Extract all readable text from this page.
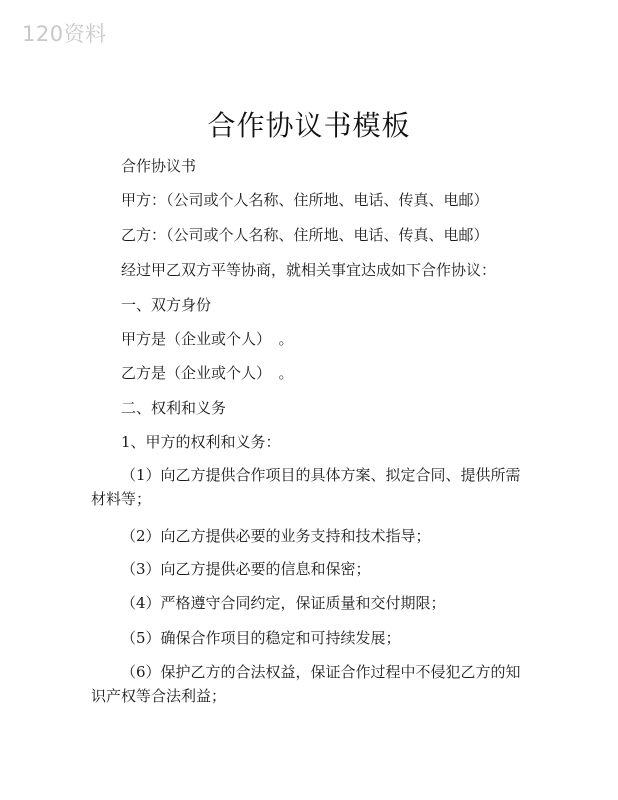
120资料
合作协议书模板
合作协议书
甲方：（公司或个人名称、住所地、电话、传真、电邮）
乙方：（公司或个人名称、住所地、电话、传真、电邮）
经过甲乙双方平等协商，就相关事宜达成如下合作协议：
一、双方身份
甲方是（企业或个人）　。
乙方是（企业或个人）　。
二、权利和义务
1、甲方的权利和义务：
（1）向乙方提供合作项目的具体方案、拟定合同、提供所需材料等；
（2）向乙方提供必要的业务支持和技术指导；
（3）向乙方提供必要的信息和保密；
（4）严格遵守合同约定，保证质量和交付期限；
（5）确保合作项目的稳定和可持续发展；
（6）保护乙方的合法权益，保证合作过程中不侵犯乙方的知识产权等合法利益；
